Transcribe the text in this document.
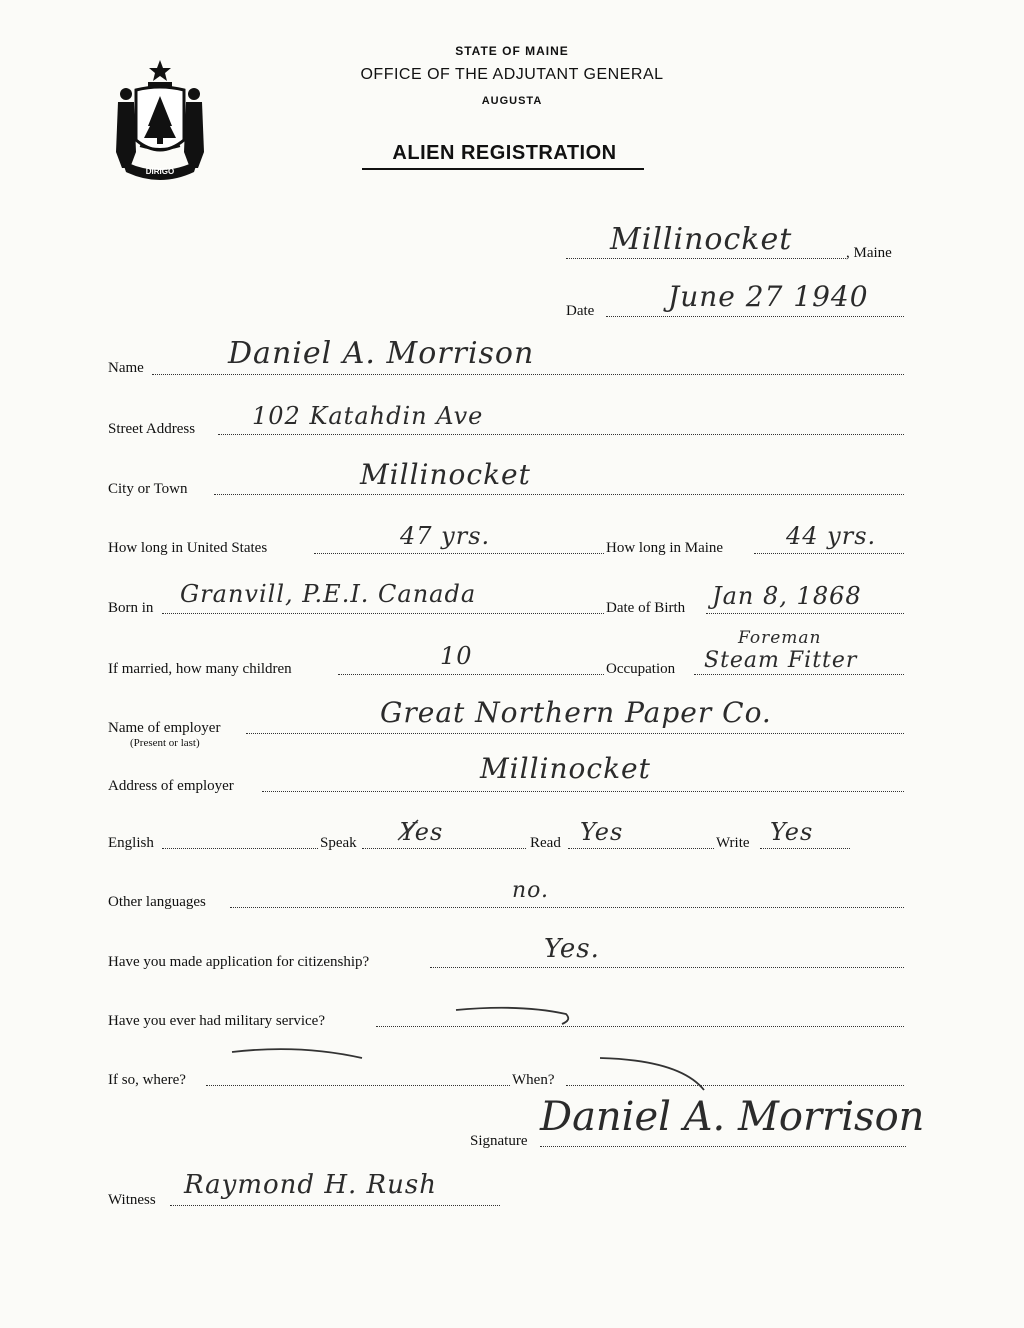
DIRIGO
STATE OF MAINE
OFFICE OF THE ADJUTANT GENERAL
AUGUSTA
ALIEN REGISTRATION
Millinocket	, Maine
Date	June 27 1940
Name	Daniel A. Morrison
Street Address 102 Katahdin Ave
City or Town	Millinocket
How long in United States	47 yrs.	How long in Maine	44 yrs.
Born in Granvill, P.E.I. Canada	Date of Birth Jan 8, 1868
If married, how many children	10	Occupation
Foreman
Steam Fitter
Name of employer
(Present or last)
Great Northern Paper Co.
Address of employer
Millinocket
English	Speak Yes	Read Yes	Write Yes
Other languages	no.
Have you made application for citizenship?	Yes.
Have you ever had military service?
If so, where?	When?
Signature
Daniel A. Morrison
Witness Raymond H. Rush
